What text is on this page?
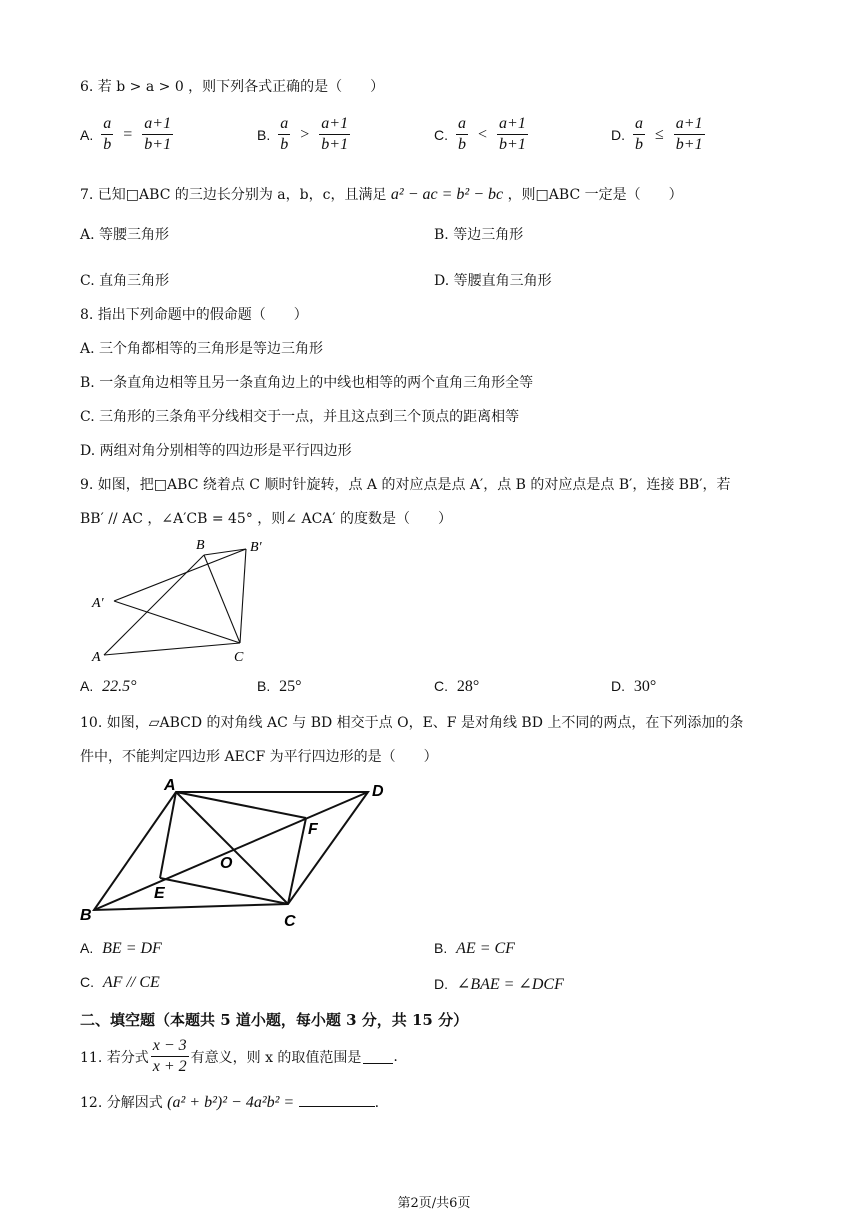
6. 若 b > a > 0 ，则下列各式正确的是（　　）
A. $\frac{a}{b} = \frac{a+1}{b+1}$	B. $\frac{a}{b} > \frac{a+1}{b+1}$	C. $\frac{a}{b} < \frac{a+1}{b+1}$	D. $\frac{a}{b} \le \frac{a+1}{b+1}$
7. 已知□ABC 的三边长分别为 a，b，c，且满足 a² − ac = b² − bc ，则□ABC 一定是（　　）
A. 等腰三角形	B. 等边三角形
C. 直角三角形	D. 等腰直角三角形
8. 指出下列命题中的假命题（　　）
A. 三个角都相等的三角形是等边三角形
B. 一条直角边相等且另一条直角边上的中线也相等的两个直角三角形全等
C. 三角形的三条角平分线相交于一点，并且这点到三个顶点的距离相等
D. 两组对角分别相等的四边形是平行四边形
9. 如图，把□ABC 绕着点 C 顺时针旋转，点 A 的对应点是点 A′，点 B 的对应点是点 B′，连接 BB′，若
BB′ // AC ，∠A′CB = 45° ，则∠ ACA′ 的度数是（　　）
B	B′
A′
A	C
A. 22.5°	B. 25°	C. 28°	D. 30°
10. 如图，▱ABCD 的对角线 AC 与 BD 相交于点 O，E、F 是对角线 BD 上不同的两点，在下列添加的条
件中，不能判定四边形 AECF 为平行四边形的是（　　）
A	D
B	C
O
E
F
A. BE = DF	B. AE = CF
C. AF // CE	D. ∠BAE = ∠DCF
二、填空题（本题共 5 道小题，每小题 3 分，共 15 分）
11. 若分式 $\frac{x - 3}{x + 2}$ 有意义，则 x 的取值范围是 .
12. 分解因式 (a² + b²)² − 4a²b² =	.
第2页/共6页
